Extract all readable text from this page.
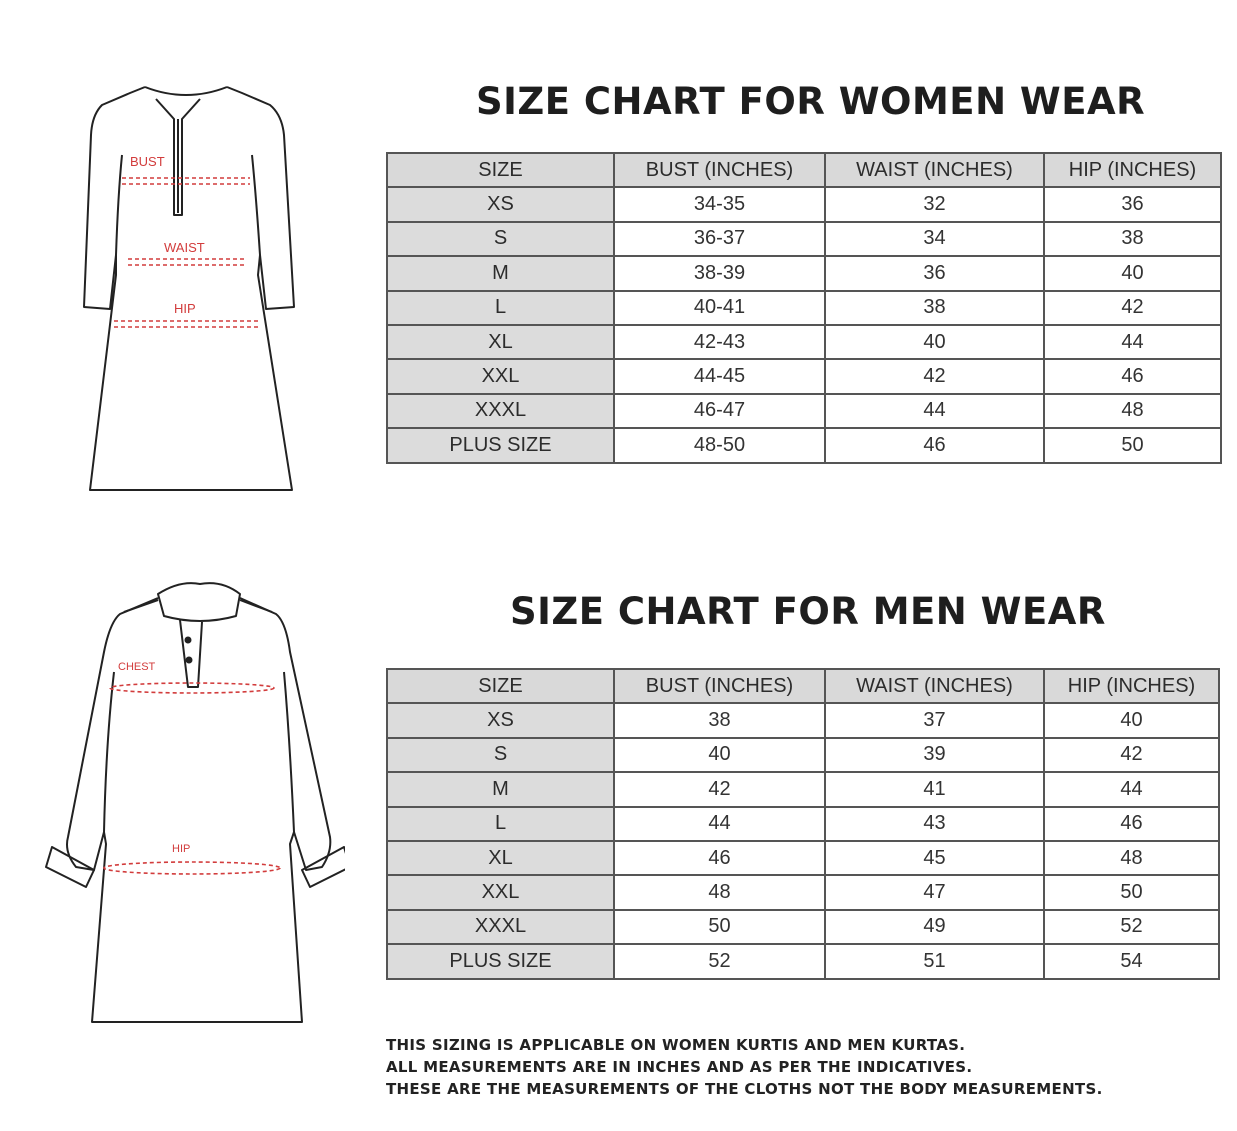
BUST
WAIST
HIP
SIZE CHART FOR WOMEN WEAR
SIZE	BUST (INCHES)	WAIST (INCHES)	HIP (INCHES)
XS	34-35	32	36
S	36-37	34	38
M	38-39	36	40
L	40-41	38	42
XL	42-43	40	44
XXL	44-45	42	46
XXXL	46-47	44	48
PLUS SIZE	48-50	46	50
CHEST
HIP
SIZE CHART FOR MEN WEAR
SIZE	BUST (INCHES)	WAIST (INCHES)	HIP (INCHES)
XS	38	37	40
S	40	39	42
M	42	41	44
L	44	43	46
XL	46	45	48
XXL	48	47	50
XXXL	50	49	52
PLUS SIZE	52	51	54
THIS SIZING IS APPLICABLE ON WOMEN KURTIS AND MEN KURTAS.
ALL MEASUREMENTS ARE IN INCHES AND AS PER THE INDICATIVES.
THESE ARE THE MEASUREMENTS OF THE CLOTHS NOT THE BODY MEASUREMENTS.
